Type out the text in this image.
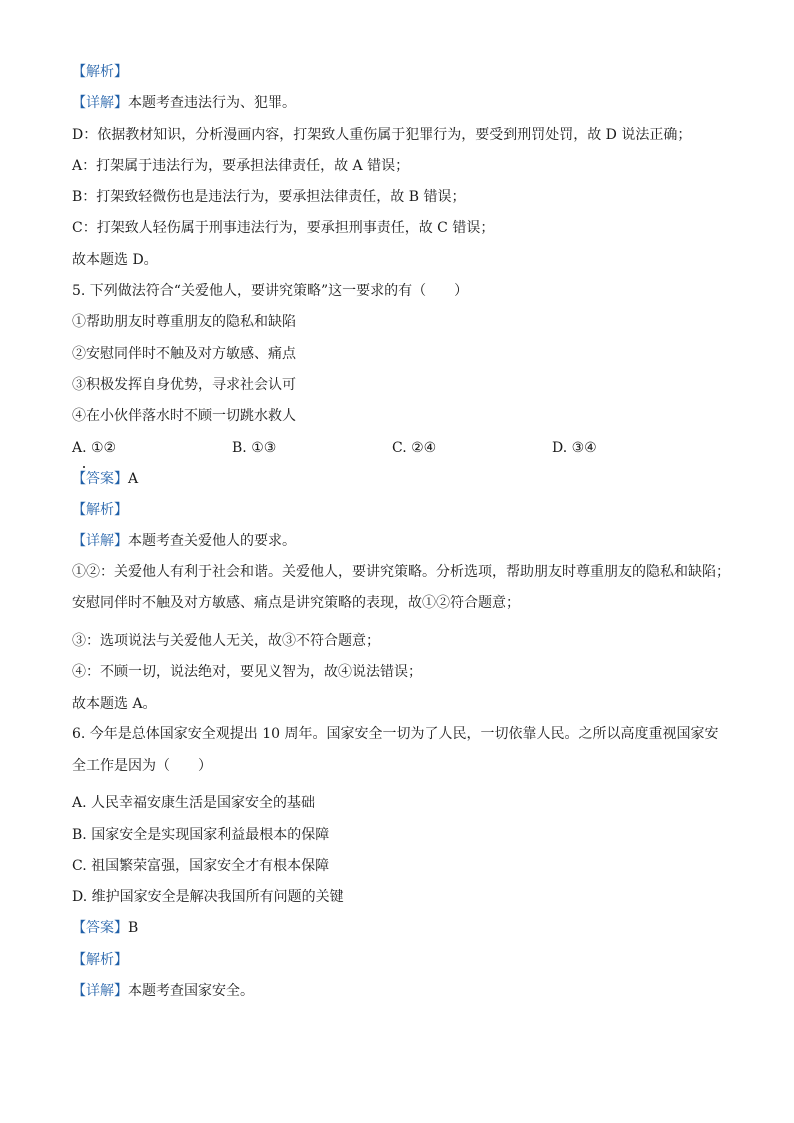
【解析】
【详解】 本题考查违法行为、犯罪。
D：依据教材知识，分析漫画内容，打架致人重伤属于犯罪行为，要受到刑罚处罚，故 D 说法正确；
A：打架属于违法行为，要承担法律责任，故 A 错误；
B：打架致轻微伤也是违法行为，要承担法律责任，故 B 错误；
C：打架致人轻伤属于刑事违法行为，要承担刑事责任，故 C 错误；
故本题选 D。
5. 下列做法符合“关爱他人，要讲究策略”这一要求的有（　　）
①帮助朋友时尊重朋友的隐私和缺陷
②安慰同伴时不触及对方敏感、痛点
③积极发挥自身优势，寻求社会认可
④在小伙伴落水时不顾一切跳水救人
A. ①②	B. ①③	C. ②④	D. ③④
【答案】 A
【解析】
【详解】 本题考查关爱他人的要求。
①②：关爱他人有利于社会和谐。关爱他人，要讲究策略。分析选项，帮助朋友时尊重朋友的隐私和缺陷；安慰同伴时不触及对方敏感、痛点是讲究策略的表现，故①②符合题意；
③：选项说法与关爱他人无关，故③不符合题意；
④：不顾一切，说法绝对，要见义智为，故④说法错误；
故本题选 A。
6. 今年是总体国家安全观提出 10 周年。国家安全一切为了人民，一切依靠人民。之所以高度重视国家安全工作是因为（　　）
A. 人民幸福安康生活是国家安全的基础
B. 国家安全是实现国家利益最根本的保障
C. 祖国繁荣富强，国家安全才有根本保障
D. 维护国家安全是解决我国所有问题的关键
【答案】 B
【解析】
【详解】 本题考查国家安全。
